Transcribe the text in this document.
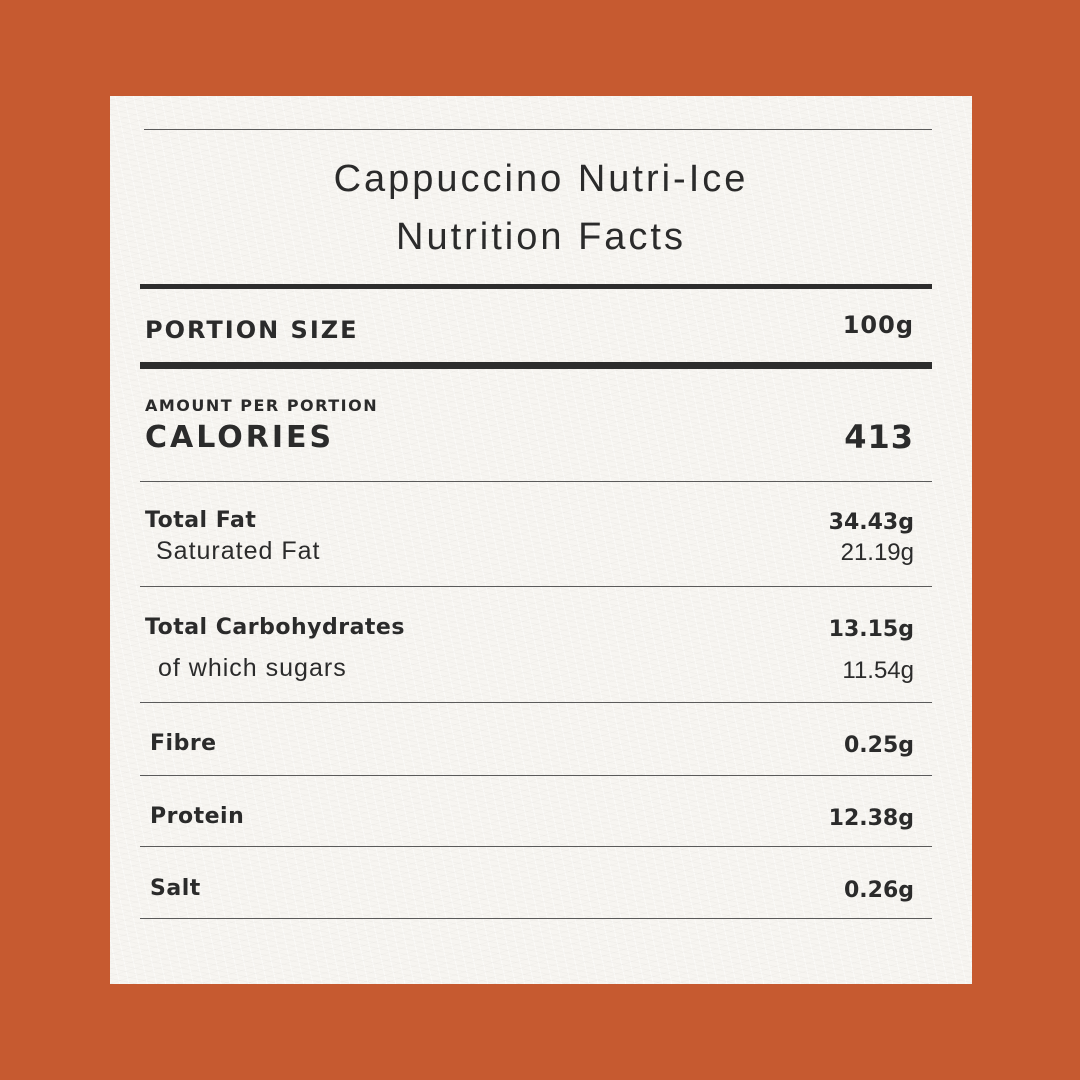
Cappuccino Nutri-Ice
Nutrition Facts
PORTION SIZE	100g
AMOUNT PER PORTION
CALORIES	413
Total Fat	34.43g
Saturated Fat	21.19g
Total Carbohydrates	13.15g
of which sugars	11.54g
Fibre	0.25g
Protein	12.38g
Salt	0.26g
